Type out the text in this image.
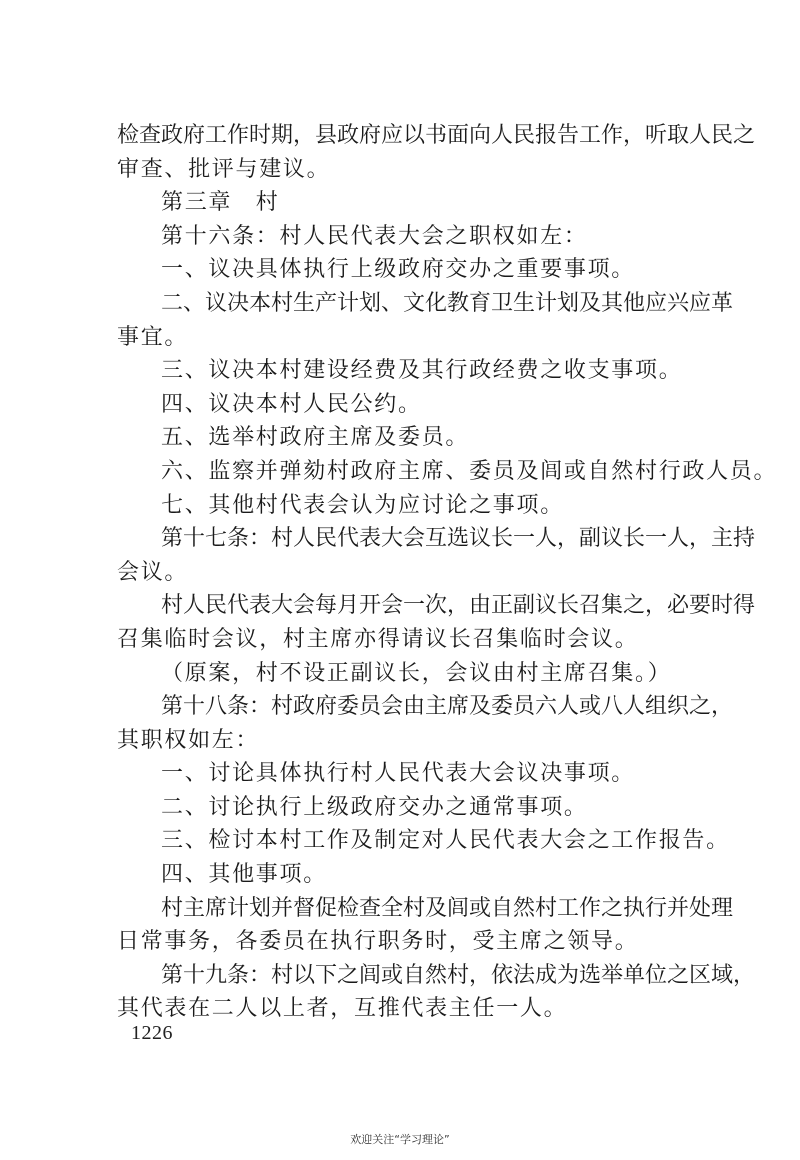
检查政府工作时期，县政府应以书面向人民报告工作，听取人民之
审查、批评与建议。
第三章　村
第十六条：村人民代表大会之职权如左：
一、议决具体执行上级政府交办之重要事项。
二、议决本村生产计划、文化教育卫生计划及其他应兴应革
事宜。
三、议决本村建设经费及其行政经费之收支事项。
四、议决本村人民公约。
五、选举村政府主席及委员。
六、监察并弹劾村政府主席、委员及闾或自然村行政人员。
七、其他村代表会认为应讨论之事项。
第十七条：村人民代表大会互选议长一人，副议长一人，主持
会议。
村人民代表大会每月开会一次，由正副议长召集之，必要时得
召集临时会议，村主席亦得请议长召集临时会议。
（原案，村不设正副议长，会议由村主席召集。）
第十八条：村政府委员会由主席及委员六人或八人组织之，
其职权如左：
一、讨论具体执行村人民代表大会议决事项。
二、讨论执行上级政府交办之通常事项。
三、检讨本村工作及制定对人民代表大会之工作报告。
四、其他事项。
村主席计划并督促检查全村及闾或自然村工作之执行并处理
日常事务，各委员在执行职务时，受主席之领导。
第十九条：村以下之闾或自然村，依法成为选举单位之区域，
其代表在二人以上者，互推代表主任一人。
1226
欢迎关注“学习理论”
